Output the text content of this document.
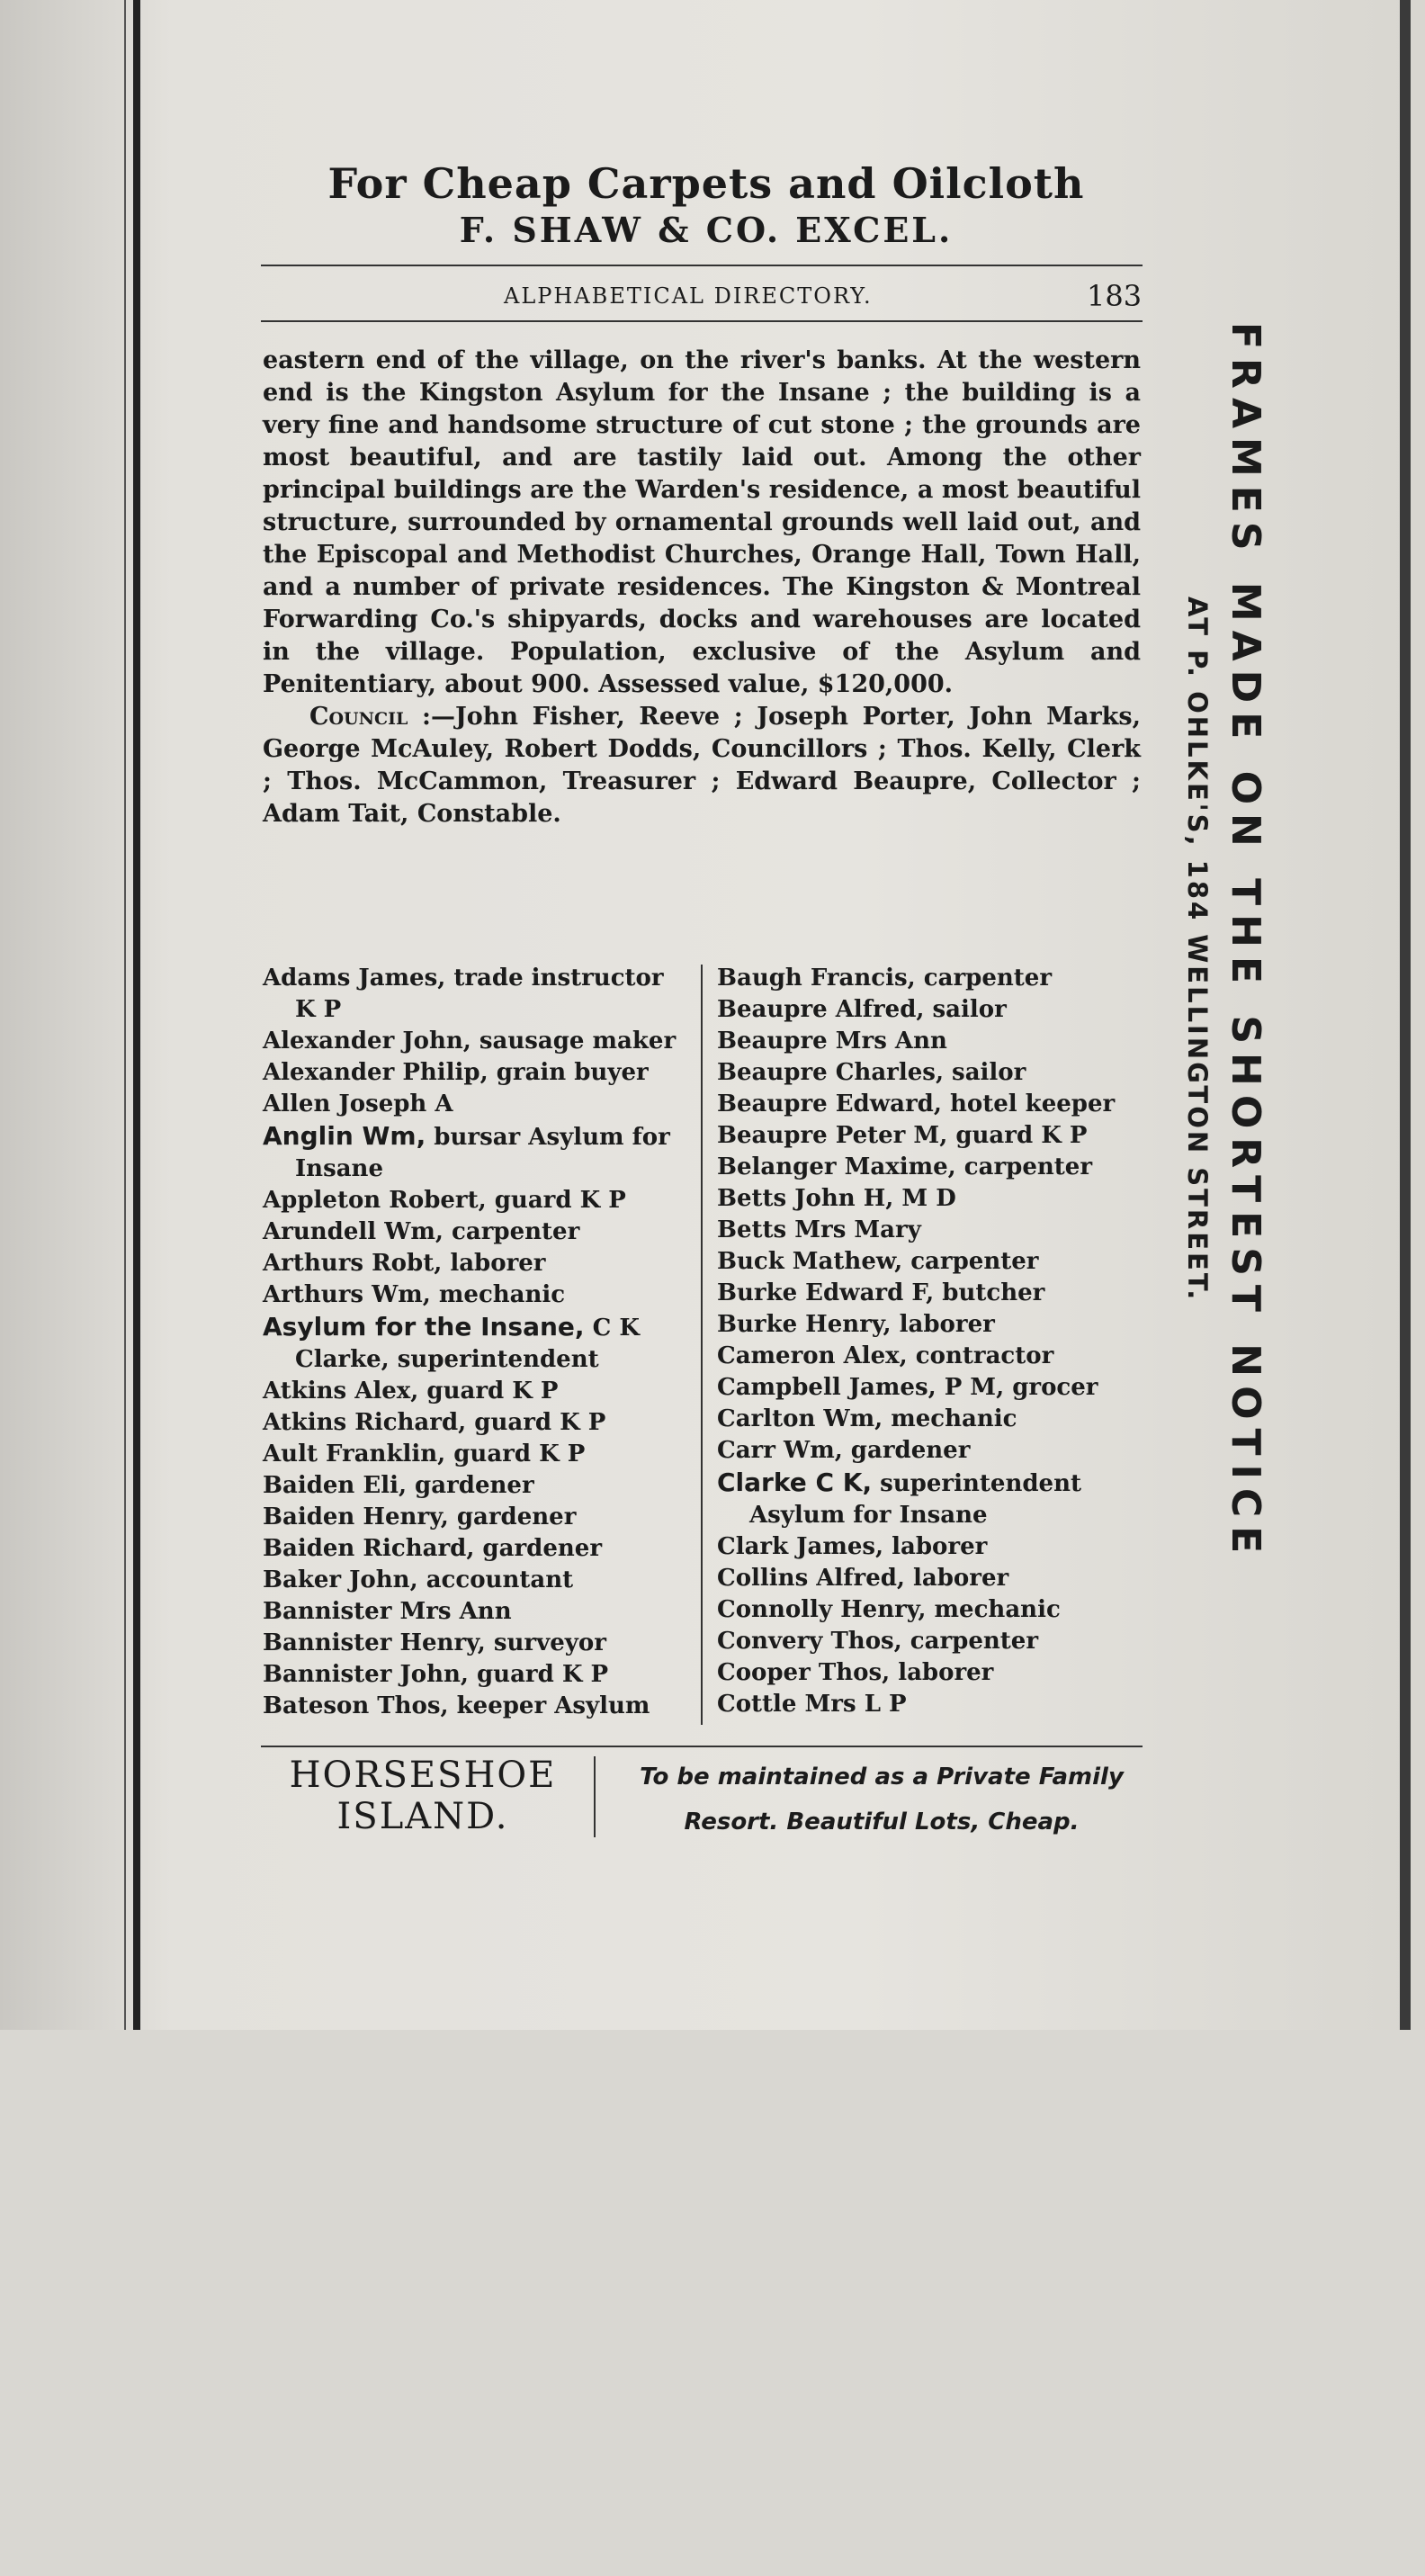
For Cheap Carpets and Oilcloth
F. SHAW & CO. EXCEL.
ALPHABETICAL DIRECTORY.	183

eastern end of the village, on the river's banks. At the western end is the Kingston Asylum for the Insane ; the building is a very fine and handsome structure of cut stone ; the grounds are most beautiful, and are tastily laid out. Among the other principal buildings are the Warden's residence, a most beautiful structure, surrounded by ornamental grounds well laid out, and the Episcopal and Methodist Churches, Orange Hall, Town Hall, and a number of private residences. The Kingston & Montreal Forwarding Co.'s shipyards, docks and warehouses are located in the village. Population, exclusive of the Asylum and Penitentiary, about 900. Assessed value, $120,000.

Council :—John Fisher, Reeve ; Joseph Porter, John Marks, George McAuley, Robert Dodds, Councillors ; Thos. Kelly, Clerk ; Thos. McCammon, Treasurer ; Edward Beaupre, Collector ; Adam Tait, Constable.

Adams James, trade instructor
K P
Alexander John, sausage maker
Alexander Philip, grain buyer
Allen Joseph A
Anglin Wm, bursar Asylum for
Insane
Appleton Robert, guard K P
Arundell Wm, carpenter
Arthurs Robt, laborer
Arthurs Wm, mechanic
Asylum for the Insane, C K
Clarke, superintendent
Atkins Alex, guard K P
Atkins Richard, guard K P
Ault Franklin, guard K P
Baiden Eli, gardener
Baiden Henry, gardener
Baiden Richard, gardener
Baker John, accountant
Bannister Mrs Ann
Bannister Henry, surveyor
Bannister John, guard K P
Bateson Thos, keeper Asylum
Baugh Francis, carpenter
Beaupre Alfred, sailor
Beaupre Mrs Ann
Beaupre Charles, sailor
Beaupre Edward, hotel keeper
Beaupre Peter M, guard K P
Belanger Maxime, carpenter
Betts John H, M D
Betts Mrs Mary
Buck Mathew, carpenter
Burke Edward F, butcher
Burke Henry, laborer
Cameron Alex, contractor
Campbell James, P M, grocer
Carlton Wm, mechanic
Carr Wm, gardener
Clarke C K, superintendent
Asylum for Insane
Clark James, laborer
Collins Alfred, laborer
Connolly Henry, mechanic
Convery Thos, carpenter
Cooper Thos, laborer
Cottle Mrs L P
HORSESHOE
ISLAND.
To be maintained as a Private Family
Resort. Beautiful Lots, Cheap.
FRAMES MADE ON THE SHORTEST NOTICE
AT P. OHLKE'S, 184 WELLINGTON STREET.
